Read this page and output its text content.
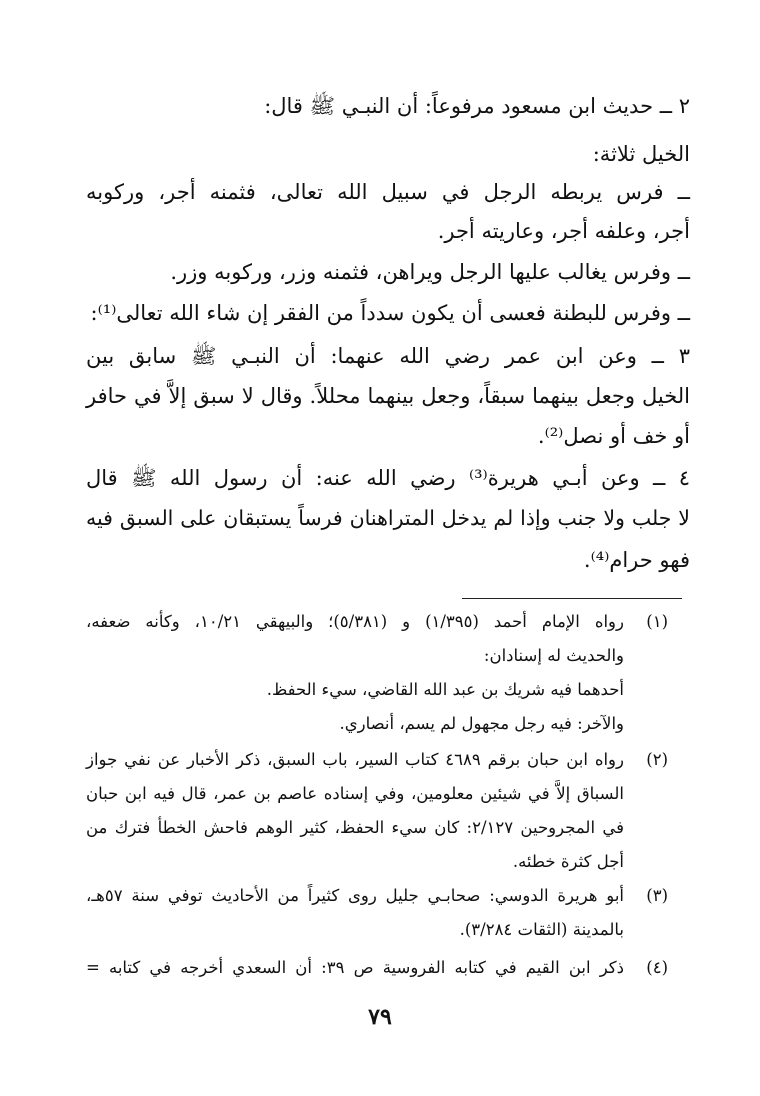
٢ ــ حديث ابن مسعود مرفوعاً: أن النبـي ﷺ قال:
الخيل ثلاثة:
ــ فرس يربطه الرجل في سبيل الله تعالى، فثمنه أجر، وركوبه
أجر، وعلفه أجر، وعاريته أجر.
ــ وفرس يغالب عليها الرجل ويراهن، فثمنه وزر، وركوبه وزر.
ــ وفرس للبطنة فعسى أن يكون سدداً من الفقر إن شاء الله تعالى⁽¹⁾:
٣ ــ وعن ابن عمر رضي الله عنهما: أن النبـي ﷺ سابق بين
الخيل وجعل بينهما سبقاً، وجعل بينهما محللاً. وقال لا سبق إلاَّ في حافر
أو خف أو نصل⁽²⁾.
٤ ــ وعن أبـي هريرة⁽³⁾ رضي الله عنه: أن رسول الله ﷺ قال
لا جلب ولا جنب وإذا لم يدخل المتراهنان فرساً يستبقان على السبق فيه
فهو حرام⁽⁴⁾.
(١)
رواه الإمام أحمد (١/٣٩٥) و (٥/٣٨١)؛ والبيهقي ١٠/٢١، وكأنه ضعفه،
والحديث له إسنادان:
أحدهما فيه شريك بن عبد الله القاضي، سيء الحفظ.
والآخر: فيه رجل مجهول لم يسم، أنصاري.
(٢)
رواه ابن حبان برقم ٤٦٨٩ كتاب السير، باب السبق، ذكر الأخبار عن نفي جواز
السباق إلاَّ في شيئين معلومين، وفي إسناده عاصم بن عمر، قال فيه ابن حبان
في المجروحين ٢/١٢٧: كان سيء الحفظ، كثير الوهم فاحش الخطأ فترك من
أجل كثرة خطئه.
(٣)
أبو هريرة الدوسي: صحابـي جليل روى كثيراً من الأحاديث توفي سنة ٥٧هـ،
بالمدينة (الثقات ٣/٢٨٤).
(٤)
ذكر ابن القيم في كتابه الفروسية ص ٣٩: أن السعدي أخرجه في كتابه =
٧٩
